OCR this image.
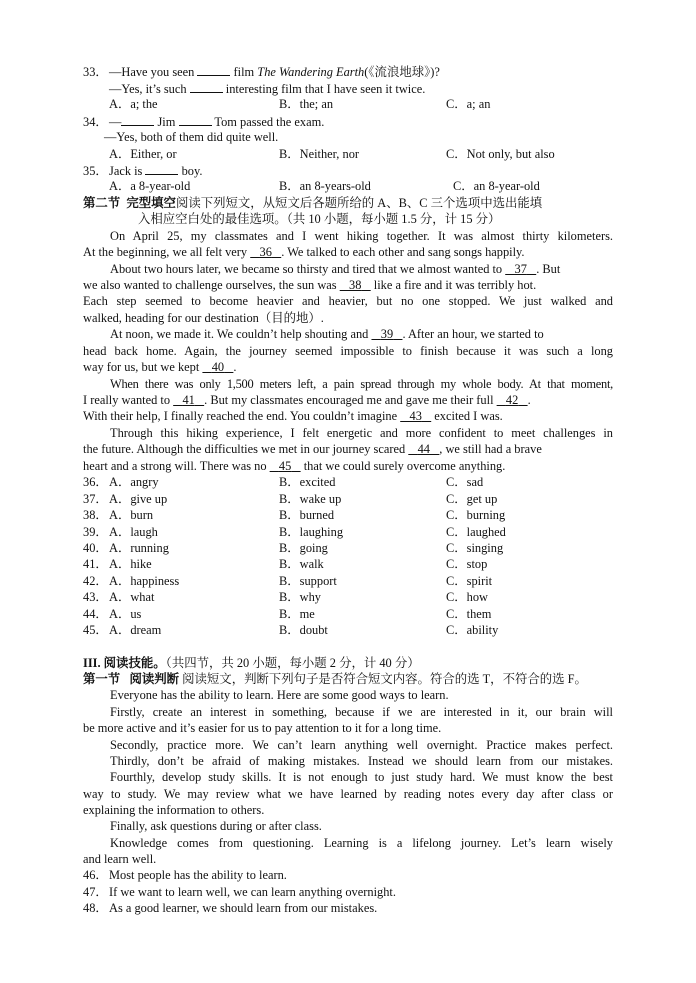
33．—Have you seen	film The Wandering Earth(《流浪地球》)?
—Yes, it’s such	interesting film that I have seen it twice.
A．a; the	B．the; an	C．a; an
34．—	Jim	Tom passed the exam.
—Yes, both of them did quite well.
A．Either, or	B．Neither, nor	C．Not only, but also
35．Jack is	boy.
A．a 8-year-old	B．an 8-years-old	C．an 8-year-old
第二节 完型填空阅读下列短文，从短文后各题所给的 A、B、C 三个选项中选出能填
入相应空白处的最佳选项。（共 10 小题，每小题 1.5 分，计 15 分）
On April 25, my classmates and I went hiking together. It was almost thirty kilometers.
At the beginning, we all felt very    36 . We talked to each other and sang songs happily.
About two hours later, we became so thirsty and tired that we almost wanted to    37 . But
we also wanted to challenge ourselves, the sun was    38    like a fire and it was terribly hot.
Each step seemed to become heavier and heavier, but no one stopped. We just walked and
walked, heading for our destination（目的地）.
At noon, we made it. We couldn’t help shouting and    39 . After an hour, we started to
head back home. Again, the journey seemed impossible to finish because it was such a long
way for us, but we kept    40 .
When there was only 1,500 meters left, a pain spread through my whole body. At that moment,
I really wanted to    41 . But my classmates encouraged me and gave me their full    42 .
With their help, I finally reached the end. You couldn’t imagine    43    excited I was.
Through this hiking experience, I felt energetic and more confident to meet challenges in
the future. Although the difficulties we met in our journey scared    44 , we still had a brave
heart and a strong will. There was no    45    that we could surely overcome anything.
36． A．angry	B．excited	C．sad
37． A．give up	B．wake up	C．get up
38． A．burn	B．burned	C．burning
39． A．laugh	B．laughing	C．laughed
40． A．running	B．going	C．singing
41． A．hike	B．walk	C．stop
42． A．happiness	B．support	C．spirit
43． A．what	B．why	C．how
44． A．us	B．me	C．them
45． A．dream	B．doubt	C．ability
III. 阅读技能。（共四节，共 20 小题，每小题 2 分，计 40 分）
第一节 阅读判断 阅读短文，判断下列句子是否符合短文内容。符合的选 T，不符合的选 F。
Everyone has the ability to learn. Here are some good ways to learn.
Firstly, create an interest in something, because if we are interested in it, our brain will
be more active and it’s easier for us to pay attention to it for a long time.
Secondly, practice more. We can’t learn anything well overnight. Practice makes perfect.
Thirdly, don’t be afraid of making mistakes. Instead we should learn from our mistakes.
Fourthly, develop study skills. It is not enough to just study hard. We must know the best
way to study. We may review what we have learned by reading notes every day after class or
explaining the information to others.
Finally, ask questions during or after class.
Knowledge comes from questioning. Learning is a lifelong journey. Let’s learn wisely
and learn well.
46．Most people has the ability to learn.
47．If we want to learn well, we can learn anything overnight.
48．As a good learner, we should learn from our mistakes.
